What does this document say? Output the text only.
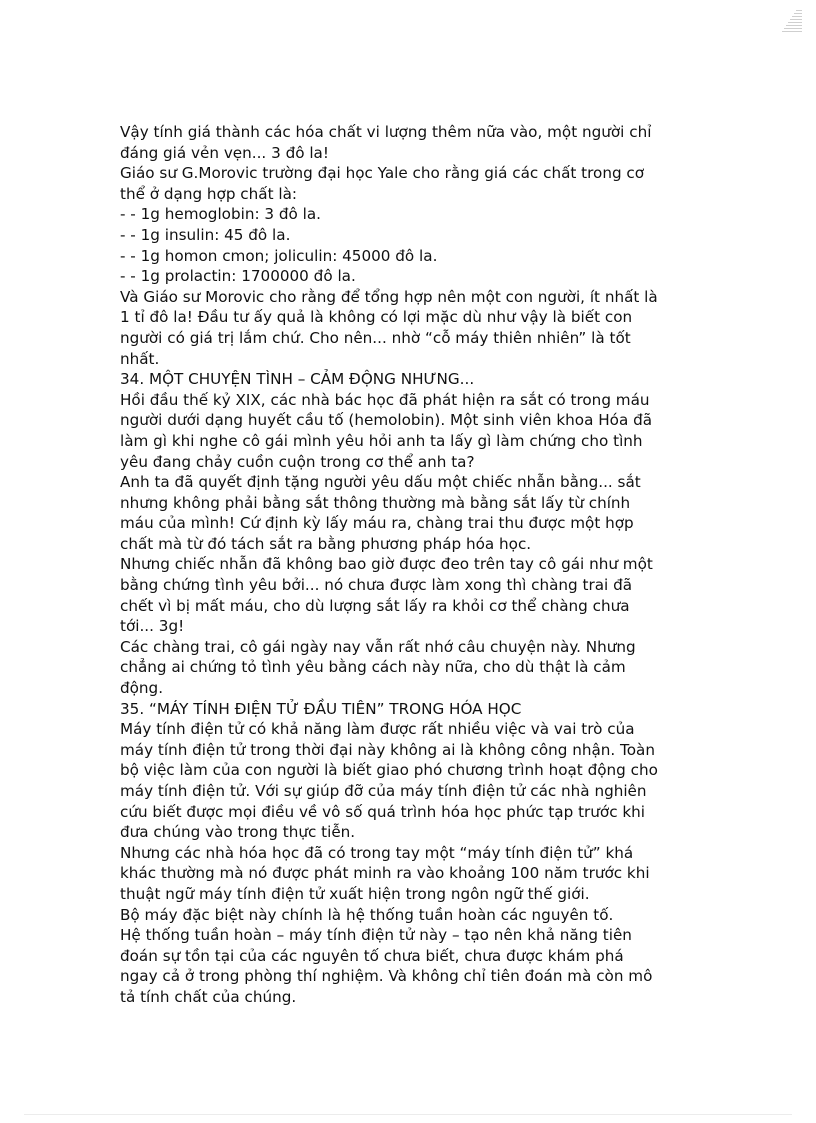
Vậy tính giá thành các hóa chất vi lượng thêm nữa vào, một người chỉ
đáng giá vẻn vẹn... 3 đô la!
Giáo sư G.Morovic trường đại học Yale cho rằng giá các chất trong cơ
thể ở dạng hợp chất là:
- - 1g hemoglobin: 3 đô la.
- - 1g insulin: 45 đô la.
- - 1g homon cmon; joliculin: 45000 đô la.
- - 1g prolactin: 1700000 đô la.
Và Giáo sư Morovic cho rằng để tổng hợp nên một con người, ít nhất là
1 tỉ đô la! Đầu tư ấy quả là không có lợi mặc dù như vậy là biết con
người có giá trị lắm chứ. Cho nên... nhờ “cỗ máy thiên nhiên” là tốt
nhất.
34. MỘT CHUYỆN TÌNH – CẢM ĐỘNG NHƯNG...
Hồi đầu thế kỷ XIX, các nhà bác học đã phát hiện ra sắt có trong máu
người dưới dạng huyết cầu tố (hemolobin). Một sinh viên khoa Hóa đã
làm gì khi nghe cô gái mình yêu hỏi anh ta lấy gì làm chứng cho tình
yêu đang chảy cuồn cuộn trong cơ thể anh ta?
Anh ta đã quyết định tặng người yêu dấu một chiếc nhẫn bằng... sắt
nhưng không phải bằng sắt thông thường mà bằng sắt lấy từ chính
máu của mình! Cứ định kỳ lấy máu ra, chàng trai thu được một hợp
chất mà từ đó tách sắt ra bằng phương pháp hóa học.
Nhưng chiếc nhẫn đã không bao giờ được đeo trên tay cô gái như một
bằng chứng tình yêu bởi... nó chưa được làm xong thì chàng trai đã
chết vì bị mất máu, cho dù lượng sắt lấy ra khỏi cơ thể chàng chưa
tới... 3g!
Các chàng trai, cô gái ngày nay vẫn rất nhớ câu chuyện này. Nhưng
chẳng ai chứng tỏ tình yêu bằng cách này nữa, cho dù thật là cảm
động.
35. “MÁY TÍNH ĐIỆN TỬ ĐẦU TIÊN” TRONG HÓA HỌC
Máy tính điện tử có khả năng làm được rất nhiều việc và vai trò của
máy tính điện tử trong thời đại này không ai là không công nhận. Toàn
bộ việc làm của con người là biết giao phó chương trình hoạt động cho
máy tính điện tử. Với sự giúp đỡ của máy tính điện tử các nhà nghiên
cứu biết được mọi điều về vô số quá trình hóa học phức tạp trước khi
đưa chúng vào trong thực tiễn.
Nhưng các nhà hóa học đã có trong tay một “máy tính điện tử” khá
khác thường mà nó được phát minh ra vào khoảng 100 năm trước khi
thuật ngữ máy tính điện tử xuất hiện trong ngôn ngữ thế giới.
Bộ máy đặc biệt này chính là hệ thống tuần hoàn các nguyên tố.
Hệ thống tuần hoàn – máy tính điện tử này – tạo nên khả năng tiên
đoán sự tồn tại của các nguyên tố chưa biết, chưa được khám phá
ngay cả ở trong phòng thí nghiệm. Và không chỉ tiên đoán mà còn mô
tả tính chất của chúng.
